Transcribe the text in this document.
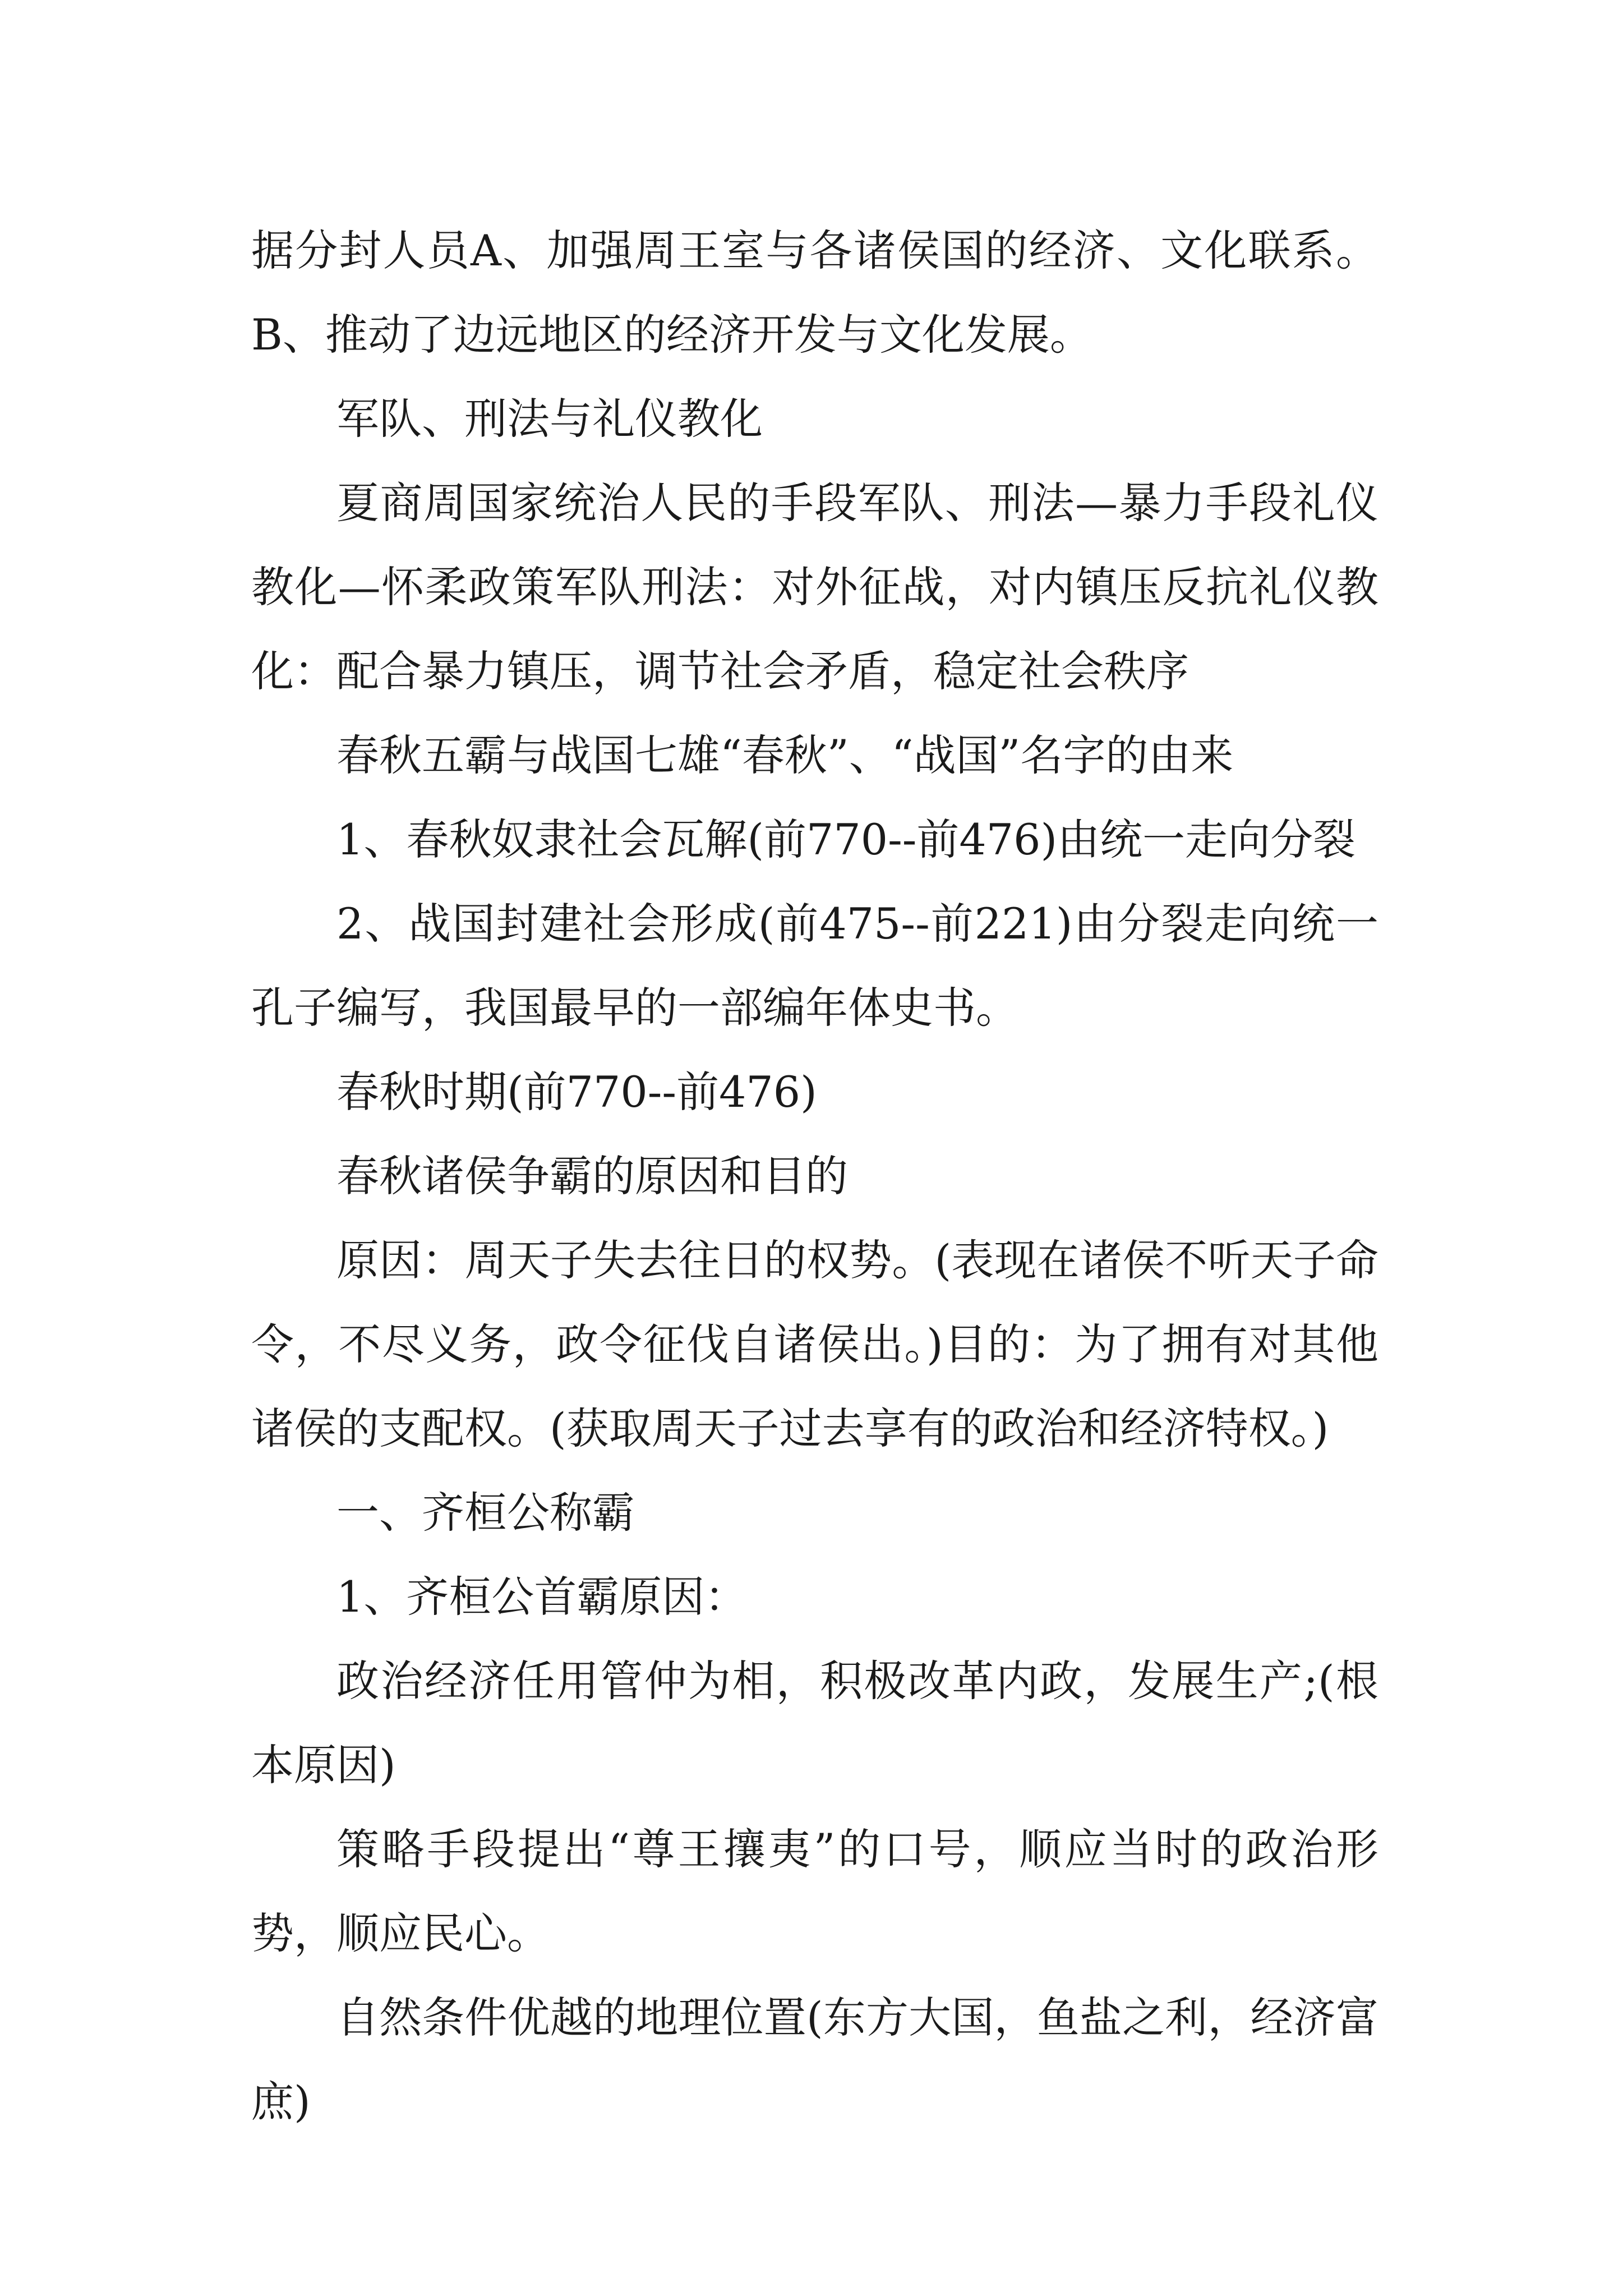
据分封人员A、加强周王室与各诸侯国的经济、文化联系。B、推动了边远地区的经济开发与文化发展。

军队、刑法与礼仪教化

夏商周国家统治人民的手段军队、刑法—暴力手段礼仪教化—怀柔政策军队刑法：对外征战，对内镇压反抗礼仪教化：配合暴力镇压，调节社会矛盾，稳定社会秩序

春秋五霸与战国七雄“春秋”、“战国”名字的由来

1、春秋奴隶社会瓦解(前770--前476)由统一走向分裂

2、战国封建社会形成(前475--前221)由分裂走向统一孔子编写，我国最早的一部编年体史书。

春秋时期(前770--前476)

春秋诸侯争霸的原因和目的

原因：周天子失去往日的权势。(表现在诸侯不听天子命令，不尽义务，政令征伐自诸侯出。)目的：为了拥有对其他诸侯的支配权。(获取周天子过去享有的政治和经济特权。)

一、齐桓公称霸

1、齐桓公首霸原因：

政治经济任用管仲为相，积极改革内政，发展生产;(根本原因)

策略手段提出“尊王攘夷”的口号，顺应当时的政治形势，顺应民心。

自然条件优越的地理位置(东方大国，鱼盐之利，经济富庶)
